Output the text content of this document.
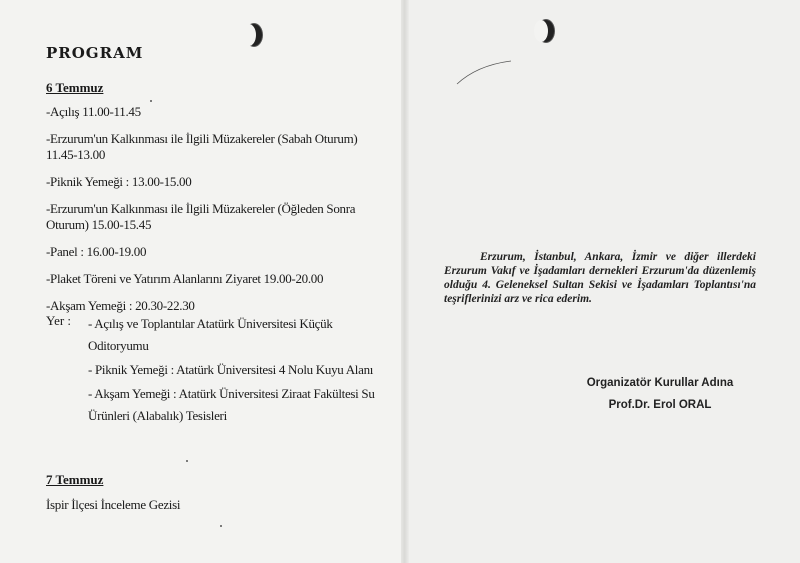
PROGRAM
6 Temmuz
-Açılış 11.00-11.45
-Erzurum'un Kalkınması ile İlgili Müzakereler (Sabah Oturum) 11.45-13.00
-Piknik Yemeği : 13.00-15.00
-Erzurum'un Kalkınması ile İlgili Müzakereler (Öğleden Sonra Oturum) 15.00-15.45
-Panel : 16.00-19.00
-Plaket Töreni ve Yatırım Alanlarını Ziyaret 19.00-20.00
-Akşam Yemeği : 20.30-22.30
Yer : - Açılış ve Toplantılar Atatürk Üniversitesi Küçük Oditoryumu
- Piknik Yemeği : Atatürk Üniversitesi 4 Nolu Kuyu Alanı
- Akşam Yemeği : Atatürk Üniversitesi Ziraat Fakültesi Su Ürünleri (Alabalık) Tesisleri
7 Temmuz
İspir İlçesi İnceleme Gezisi
Erzurum, İstanbul, Ankara, İzmir ve diğer illerdeki Erzurum Vakıf ve İşadamları dernekleri Erzurum'da düzenlemiş olduğu 4. Geleneksel Sultan Sekisi ve İşadamları Toplantısı'na teşriflerinizi arz ve rica ederim.
Organizatör Kurullar Adına
Prof.Dr. Erol ORAL
